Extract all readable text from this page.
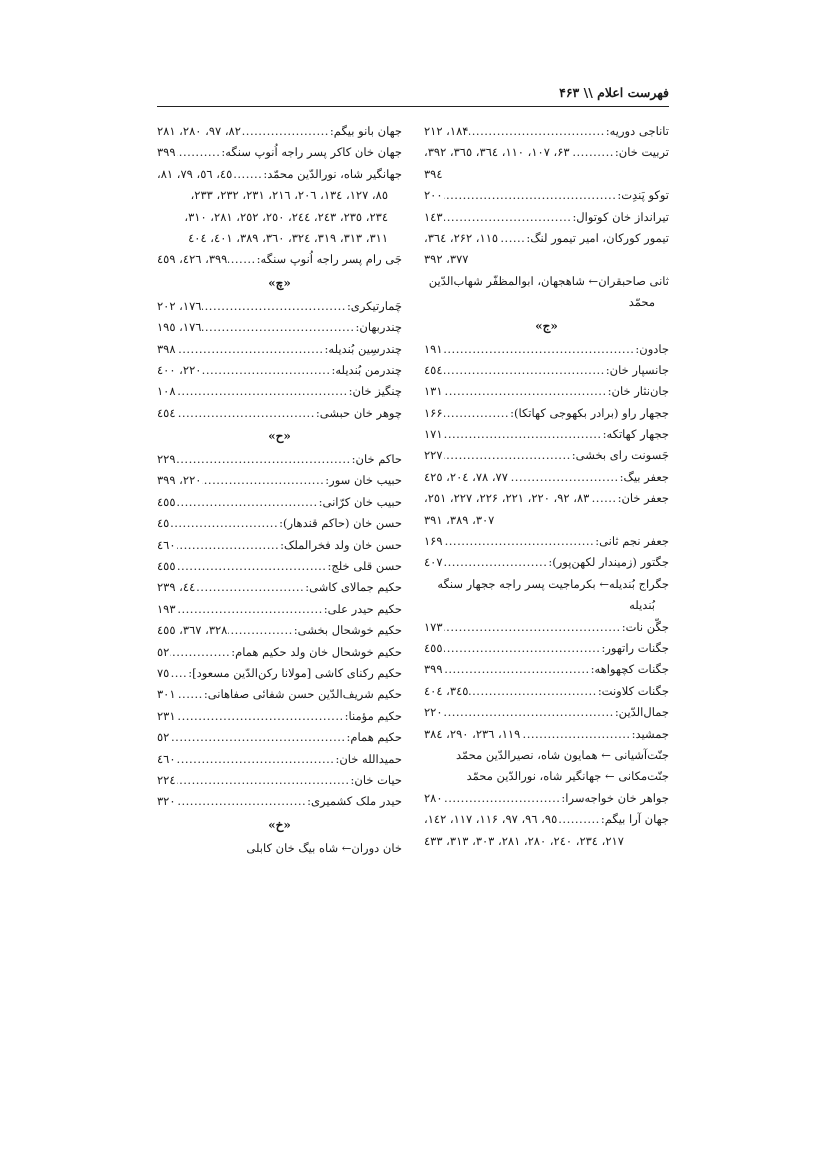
فهرست اعلام \\ ۴۶۳
تاناجی دوریه:
.....
۱۸۴، ۲۱۲
تربیت خان:
.....
۶۳، ۱۰۷، ۱۱۰، ۳٦٤، ۳٦٥، ۳۹۲،
۳۹٤
توکو پَندِت:
.....
۲۰۰
تیرانداز خان کوتوال:
.....
۱٤٣
تیمور کورکان، امیر تیمور لنگ:
.....
۱۱٥، ۲۶۲، ۳٦٤،
۳۷۷، ۳۹۲
ثانی صاحبقران← شاهجهان، ابوالمظفّر شهاب‌الدّین
محمّد
«ج»
جادون:
.....
۱۹۱
جانسپار خان:
.....
٤٥٤
جان‌نثار خان:
.....
۱۳۱
ججهار راو (برادر بکهوجی کهاتکا):
.....
۱۶۶
ججهار کهاتکه:
.....
۱۷۱
جَسونت رای بخشی:
.....
۲۲۷
جعفر بیگ:
.....
۷۷، ۷۸، ۲۰٤، ٤۲٥
جعفر خان:
.....
۸۳، ۹۲، ۲۲۰، ۲۲۱، ۲۲۶، ۲۲۷، ۲٥۱،
۳۰۷، ۳۸۹، ۳۹۱
جعفر نجم ثانی:
.....
۱۶۹
جگتور (زمیندار لکهن‌پور):
.....
٤۰۷
جگراج بُندیله← بکرماجیت پسر راجه ججهار سنگه
بُندیله
جگّن نات:
.....
۱۷۳
جگنات راتهور:
.....
٤٥٥
جگنات کچهواهه:
.....
۳۹۹
جگنات کلاونت:
.....
۳٤٥، ٤۰٤
جمال‌الدّین:
.....
۲۲۰
جمشید:
.....
۱۱۹، ۲۳٦، ۲۹۰، ۳۸٤
جنّت‌آشیانی ← همایون شاه، نصیرالدّین محمّد
جنّت‌مکانی ← جهانگیر شاه، نورالدّین محمّد
جواهر خان خواجه‌سرا:
.....
۲۸۰
جهان آرا بیگم:
.....
۹٥، ۹٦، ۹۷، ۱۱۶، ۱۱۷، ۱٤۲،
۲۱۷، ۲۳٤، ۲٤۰، ۲۸۰، ۲۸۱، ۳۰۳، ۳۱۳، ٤۳۳
جهان بانو بیگم:
.....
۸۲، ۹۷، ۲۸۰، ۲۸۱
جهان خان کاکر پسر راجه اُنوپ سنگه:
.....
۳۹۹
جهانگیر شاه، نورالدّین محمّد:
.....
٤٥، ٥٦، ۷۹، ۸۱،
۸٥، ۱۲۷، ۱۳٤، ۲۰٦، ۲۱٦، ۲۳۱، ۲۳۲، ۲۳۳،
۲۳٤، ۲۳٥، ۲٤۳، ۲٤٤، ۲٥۰، ۲٥۲، ۲۸۱، ۳۱۰،
۳۱۱، ۳۱۳، ۳۱۹، ۳۲٤، ۳٦۰، ۳۸۹، ٤۰۱، ٤۰٤
جَی رام پسر راجه اُنوپ سنگه:
.....
۳۹۹، ٤۲٦، ٤٥۹
«چ»
چَمارتیکری:
.....
۱۷٦، ۲۰۲
چندربهان:
.....
۱۷٦، ۱۹٥
چندرسِین بُندیله:
.....
۳۹۸
چندرمن بُندیله:
.....
۲۲۰، ٤۰۰
چنگیز خان:
.....
۱۰۸
چوهر خان حبشی:
.....
٤٥٤
«ح»
حاکم خان:
.....
۲۲۹
حبیب خان سور:
.....
۲۲۰، ۳۹۹
حبیب خان کرّانی:
.....
٤٥٥
حسن خان (حاکم قندهار):
.....
٤٥
حسن خان ولد فخرالملک:
.....
٤٦۰
حسن قلی خلج:
.....
٤٥٥
حکیم جمالای کاشی:
.....
٤٤، ۲۳۹
حکیم حیدر علی:
.....
۱۹۳
حکیم خوشحال بخشی:
.....
۳۲۸، ۳٦۷، ٤٥٥
حکیم خوشحال خان ولد حکیم همام:
.....
٥۲
حکیم رکنای کاشی [مولانا رکن‌الدّین مسعود]:
.....
۷٥
حکیم شریف‌الدّین حسن شفائی صفاهانی:
.....
۳۰۱
حکیم مؤمنا:
.....
۲۳۱
حکیم همام:
.....
٥۲
حمیدالله خان:
.....
٤٦۰
حیات خان:
.....
۲۲٤
حیدر ملک کشمیری:
.....
۳۲۰
«خ»
خان دوران← شاه بیگ خان کابلی
